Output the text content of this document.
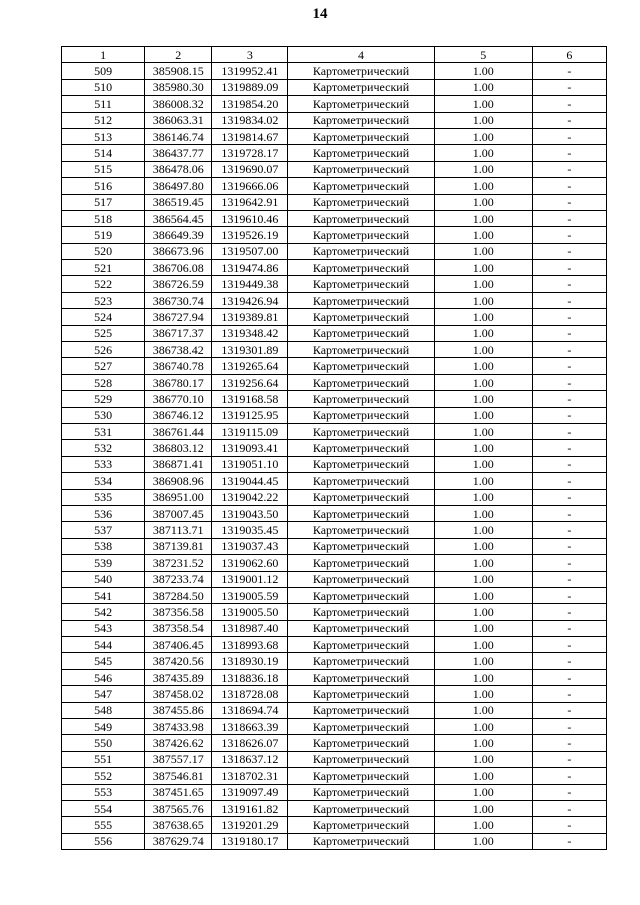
14
1	2	3	4	5	6
509	385908.15	1319952.41	Картометрический	1.00	-
510	385980.30	1319889.09	Картометрический	1.00	-
511	386008.32	1319854.20	Картометрический	1.00	-
512	386063.31	1319834.02	Картометрический	1.00	-
513	386146.74	1319814.67	Картометрический	1.00	-
514	386437.77	1319728.17	Картометрический	1.00	-
515	386478.06	1319690.07	Картометрический	1.00	-
516	386497.80	1319666.06	Картометрический	1.00	-
517	386519.45	1319642.91	Картометрический	1.00	-
518	386564.45	1319610.46	Картометрический	1.00	-
519	386649.39	1319526.19	Картометрический	1.00	-
520	386673.96	1319507.00	Картометрический	1.00	-
521	386706.08	1319474.86	Картометрический	1.00	-
522	386726.59	1319449.38	Картометрический	1.00	-
523	386730.74	1319426.94	Картометрический	1.00	-
524	386727.94	1319389.81	Картометрический	1.00	-
525	386717.37	1319348.42	Картометрический	1.00	-
526	386738.42	1319301.89	Картометрический	1.00	-
527	386740.78	1319265.64	Картометрический	1.00	-
528	386780.17	1319256.64	Картометрический	1.00	-
529	386770.10	1319168.58	Картометрический	1.00	-
530	386746.12	1319125.95	Картометрический	1.00	-
531	386761.44	1319115.09	Картометрический	1.00	-
532	386803.12	1319093.41	Картометрический	1.00	-
533	386871.41	1319051.10	Картометрический	1.00	-
534	386908.96	1319044.45	Картометрический	1.00	-
535	386951.00	1319042.22	Картометрический	1.00	-
536	387007.45	1319043.50	Картометрический	1.00	-
537	387113.71	1319035.45	Картометрический	1.00	-
538	387139.81	1319037.43	Картометрический	1.00	-
539	387231.52	1319062.60	Картометрический	1.00	-
540	387233.74	1319001.12	Картометрический	1.00	-
541	387284.50	1319005.59	Картометрический	1.00	-
542	387356.58	1319005.50	Картометрический	1.00	-
543	387358.54	1318987.40	Картометрический	1.00	-
544	387406.45	1318993.68	Картометрический	1.00	-
545	387420.56	1318930.19	Картометрический	1.00	-
546	387435.89	1318836.18	Картометрический	1.00	-
547	387458.02	1318728.08	Картометрический	1.00	-
548	387455.86	1318694.74	Картометрический	1.00	-
549	387433.98	1318663.39	Картометрический	1.00	-
550	387426.62	1318626.07	Картометрический	1.00	-
551	387557.17	1318637.12	Картометрический	1.00	-
552	387546.81	1318702.31	Картометрический	1.00	-
553	387451.65	1319097.49	Картометрический	1.00	-
554	387565.76	1319161.82	Картометрический	1.00	-
555	387638.65	1319201.29	Картометрический	1.00	-
556	387629.74	1319180.17	Картометрический	1.00	-
